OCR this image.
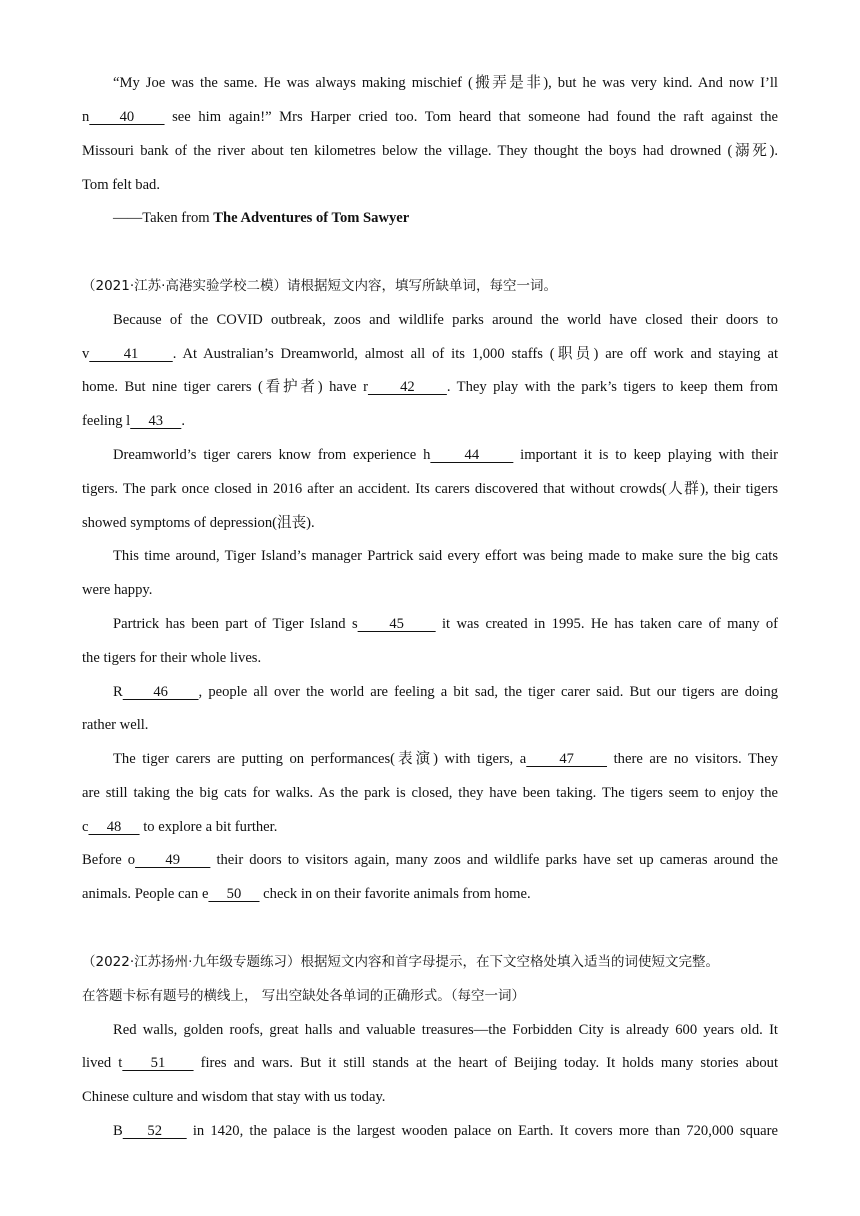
“My Joe was the same. He was always making mischief (搬弄是非), but he was very kind. And now I’ll
n    40     see him again!” Mrs Harper cried too. Tom heard that someone had found the raft against the
Missouri bank of the river about ten kilometres below the village. They thought the boys had drowned (溺死).
Tom felt bad.
——Taken from The Adventures of Tom Sawyer
（2021·江苏·高港实验学校二模）请根据短文内容，填写所缺单词，每空一词。
Because of the COVID outbreak, zoos and wildlife parks around the world have closed their doors to
v     41     . At Australian’s Dreamworld, almost all of its 1,000 staffs (职员) are off work and staying at
home. But nine tiger carers (看护者) have r     42     . They play with the park’s tigers to keep them from
feeling l     43     .
Dreamworld’s tiger carers know from experience h     44      important it is to keep playing with their
tigers. The park once closed in 2016 after an accident. Its carers discovered that without crowds(人群), their tigers
showed symptoms of depression(沮丧).
This time around, Tiger Island’s manager Partrick said every effort was being made to make sure the big cats
were happy.
Partrick has been part of Tiger Island s     45      it was created in 1995. He has taken care of many of
the tigers for their whole lives.
R     46     , people all over the world are feeling a bit sad, the tiger carer said. But our tigers are doing
rather well.
The tiger carers are putting on performances(表演) with tigers, a     47      there are no visitors. They
are still taking the big cats for walks. As the park is closed, they have been taking. The tigers seem to enjoy the
c     48      to explore a bit further.
Before o     49      their doors to visitors again, many zoos and wildlife parks have set up cameras around the
animals. People can e     50      check in on their favorite animals from home.
（2022·江苏扬州·九年级专题练习）根据短文内容和首字母提示，在下文空格处填入适当的词使短文完整。
在答题卡标有题号的横线上， 写出空缺处各单词的正确形式。（每空一词）
Red walls, golden roofs, great halls and valuable treasures—the Forbidden City is already 600 years old. It
lived t    51     fires and wars. But it still stands at the heart of Beijing today. It holds many stories about
Chinese culture and wisdom that stay with us today.
B    52     in 1420, the palace is the largest wooden palace on Earth. It covers more than 720,000 square
